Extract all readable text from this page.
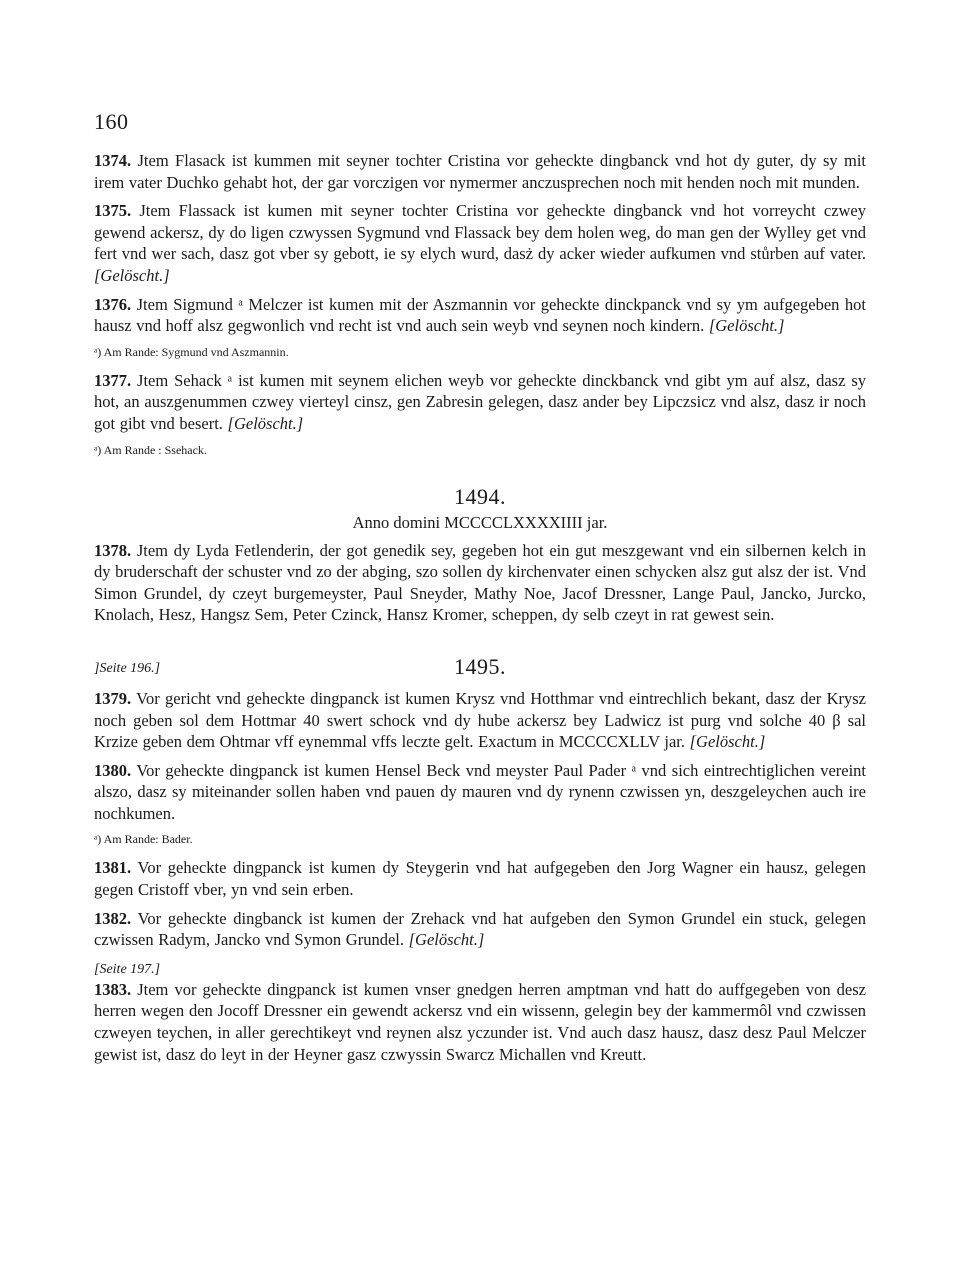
160

1374. Jtem Flasack ist kummen mit seyner tochter Cristina vor geheckte dingbanck vnd hot dy guter, dy sy mit irem vater Duchko gehabt hot, der gar vorczigen vor nymermer anczusprechen noch mit henden noch mit munden.

1375. Jtem Flassack ist kumen mit seyner tochter Cristina vor geheckte dingbanck vnd hot vorreycht czwey gewend ackersz, dy do ligen czwyssen Sygmund vnd Flassack bey dem holen weg, do man gen der Wylley get vnd fert vnd wer sach, dasz got vber sy gebott, ie sy elych wurd, dasż dy acker wieder aufkumen vnd stůrben auf vater. [Gelöscht.]

1376. Jtem Sigmund ᵃ Melczer ist kumen mit der Aszmannin vor geheckte dinckpanck vnd sy ym aufgegeben hot hausz vnd hoff alsz gegwonlich vnd recht ist vnd auch sein weyb vnd seynen noch kindern. [Gelöscht.]

ᵃ) Am Rande: Sygmund vnd Aszmannin.

1377. Jtem Sehack ᵃ ist kumen mit seynem elichen weyb vor geheckte dinckbanck vnd gibt ym auf alsz, dasz sy hot, an auszgenummen czwey vierteyl cinsz, gen Zabresin gelegen, dasz ander bey Lipczsicz vnd alsz, dasz ir noch got gibt vnd besert. [Gelöscht.]

ᵃ) Am Rande : Ssehack.
1494.
Anno domini MCCCCLXXXXIIII jar.

1378. Jtem dy Lyda Fetlenderin, der got genedik sey, gegeben hot ein gut meszgewant vnd ein silbernen kelch in dy bruderschaft der schuster vnd zo der abging, szo sollen dy kirchenvater einen schycken alsz gut alsz der ist. Vnd Simon Grundel, dy czeyt burgemeyster, Paul Sneyder, Mathy Noe, Jacof Dressner, Lange Paul, Jancko, Jurcko, Knolach, Hesz, Hangsz Sem, Peter Czinck, Hansz Kromer, scheppen, dy selb czeyt in rat gewest sein.

]Seite 196.]	1495.

1379. Vor gericht vnd geheckte dingpanck ist kumen Krysz vnd Hotthmar vnd eintrechlich bekant, dasz der Krysz noch geben sol dem Hottmar 40 swert schock vnd dy hube ackersz bey Ladwicz ist purg vnd solche 40 β sal Krzize geben dem Ohtmar vff eynemmal vffs leczte gelt. Exactum in MCCCCXLLV jar. [Gelöscht.]

1380. Vor geheckte dingpanck ist kumen Hensel Beck vnd meyster Paul Pader ᵃ vnd sich eintrechtiglichen vereint alszo, dasz sy miteinander sollen haben vnd pauen dy mauren vnd dy rynenn czwissen yn, deszgeleychen auch ire nochkumen.

ᵃ) Am Rande: Bader.

1381. Vor geheckte dingpanck ist kumen dy Steygerin vnd hat aufgegeben den Jorg Wagner ein hausz, gelegen gegen Cristoff vber, yn vnd sein erben.

1382. Vor geheckte dingbanck ist kumen der Zrehack vnd hat aufgeben den Symon Grundel ein stuck, gelegen czwissen Radym, Jancko vnd Symon Grundel. [Gelöscht.]

[Seite 197.]

1383. Jtem vor geheckte dingpanck ist kumen vnser gnedgen herren amptman vnd hatt do auffgegeben von desz herren wegen den Jocoff Dressner ein gewendt ackersz vnd ein wissenn, gelegin bey der kammermôl vnd czwissen czweyen teychen, in aller gerechtikeyt vnd reynen alsz yczunder ist. Vnd auch dasz hausz, dasz desz Paul Melczer gewist ist, dasz do leyt in der Heyner gasz czwyssin Swarcz Michallen vnd Kreutt.
